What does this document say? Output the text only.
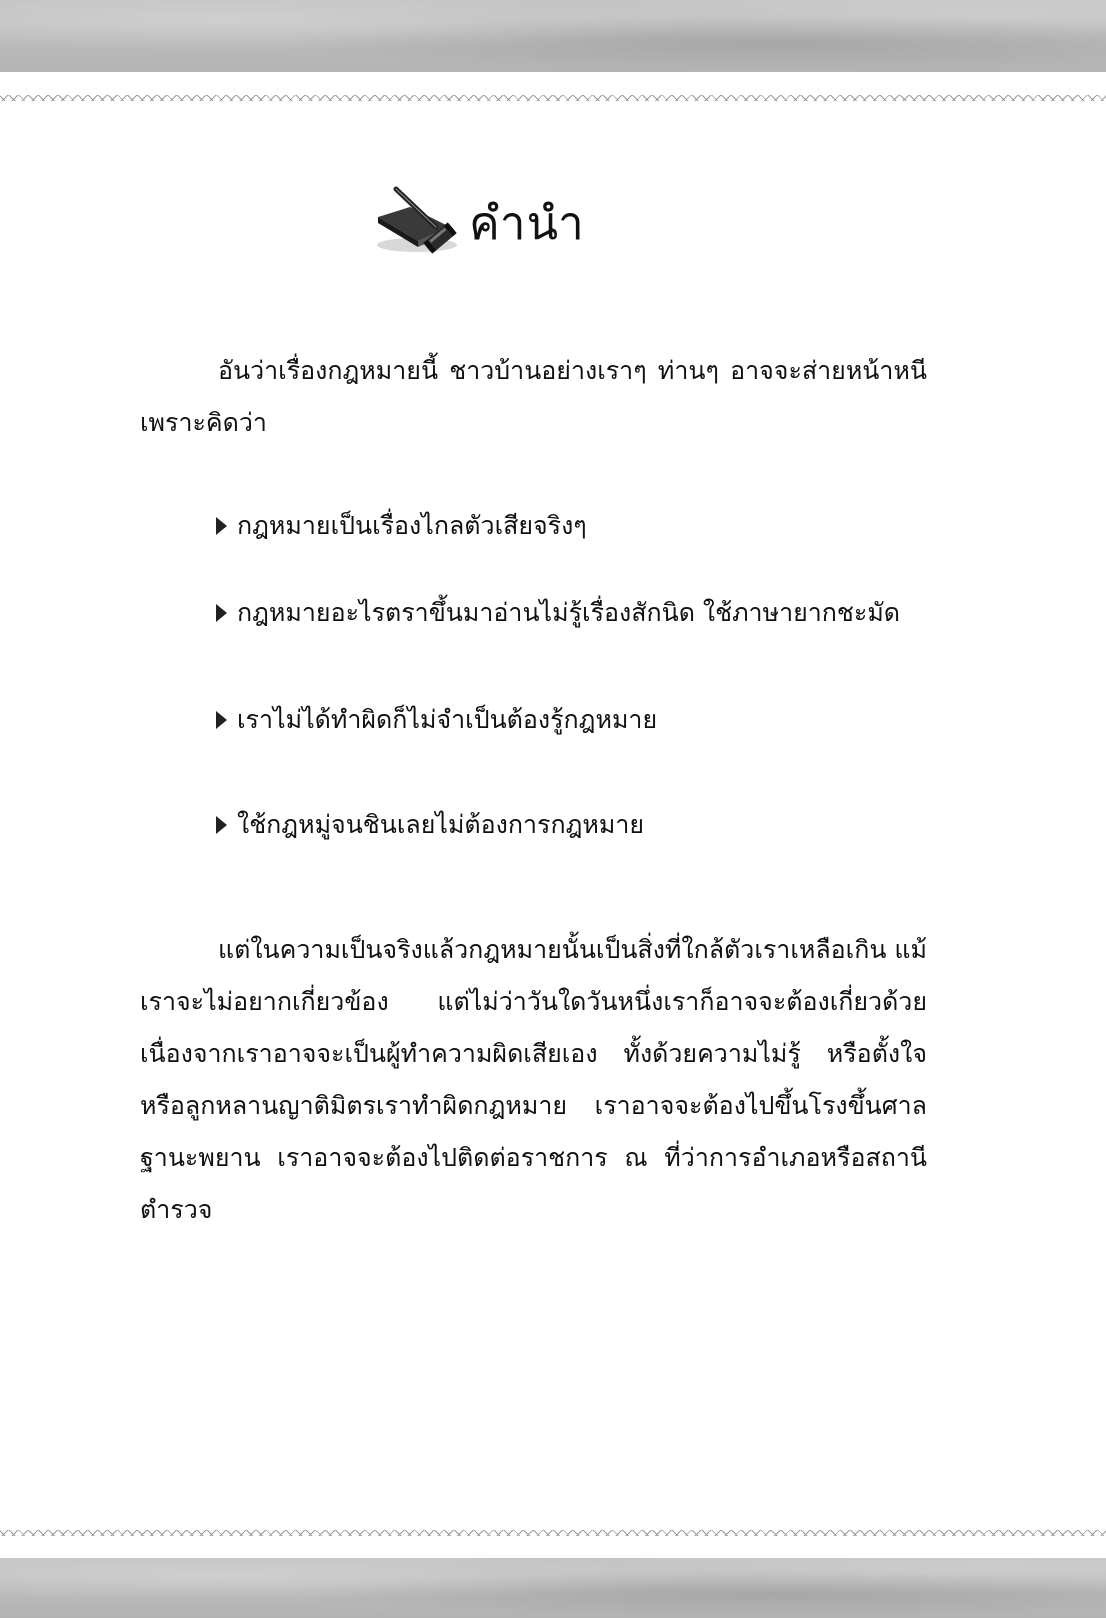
คำนำ

อันว่าเรื่องกฎหมายนี้ ชาวบ้านอย่างเราๆ ท่านๆ อาจจะส่ายหน้าหนีเพราะคิดว่า

กฎหมายเป็นเรื่องไกลตัวเสียจริงๆ
กฎหมายอะไรตราขึ้นมาอ่านไม่รู้เรื่องสักนิด ใช้ภาษายากชะมัด
เราไม่ได้ทำผิดก็ไม่จำเป็นต้องรู้กฎหมาย
ใช้กฎหมู่จนชินเลยไม่ต้องการกฎหมาย

แต่ในความเป็นจริงแล้วกฎหมายนั้นเป็นสิ่งที่ใกล้ตัวเราเหลือเกิน แม้เราจะไม่อยากเกี่ยวข้อง แต่ไม่ว่าวันใดวันหนึ่งเราก็อาจจะต้องเกี่ยวด้วย เนื่องจากเราอาจจะเป็นผู้ทำความผิดเสียเอง ทั้งด้วยความไม่รู้ หรือตั้งใจ หรือลูกหลานญาติมิตรเราทำผิดกฎหมาย เราอาจจะต้องไปขึ้นโรงขึ้นศาลฐานะพยาน เราอาจจะต้องไปติดต่อราชการ ณ ที่ว่าการอำเภอหรือสถานีตำรวจ
